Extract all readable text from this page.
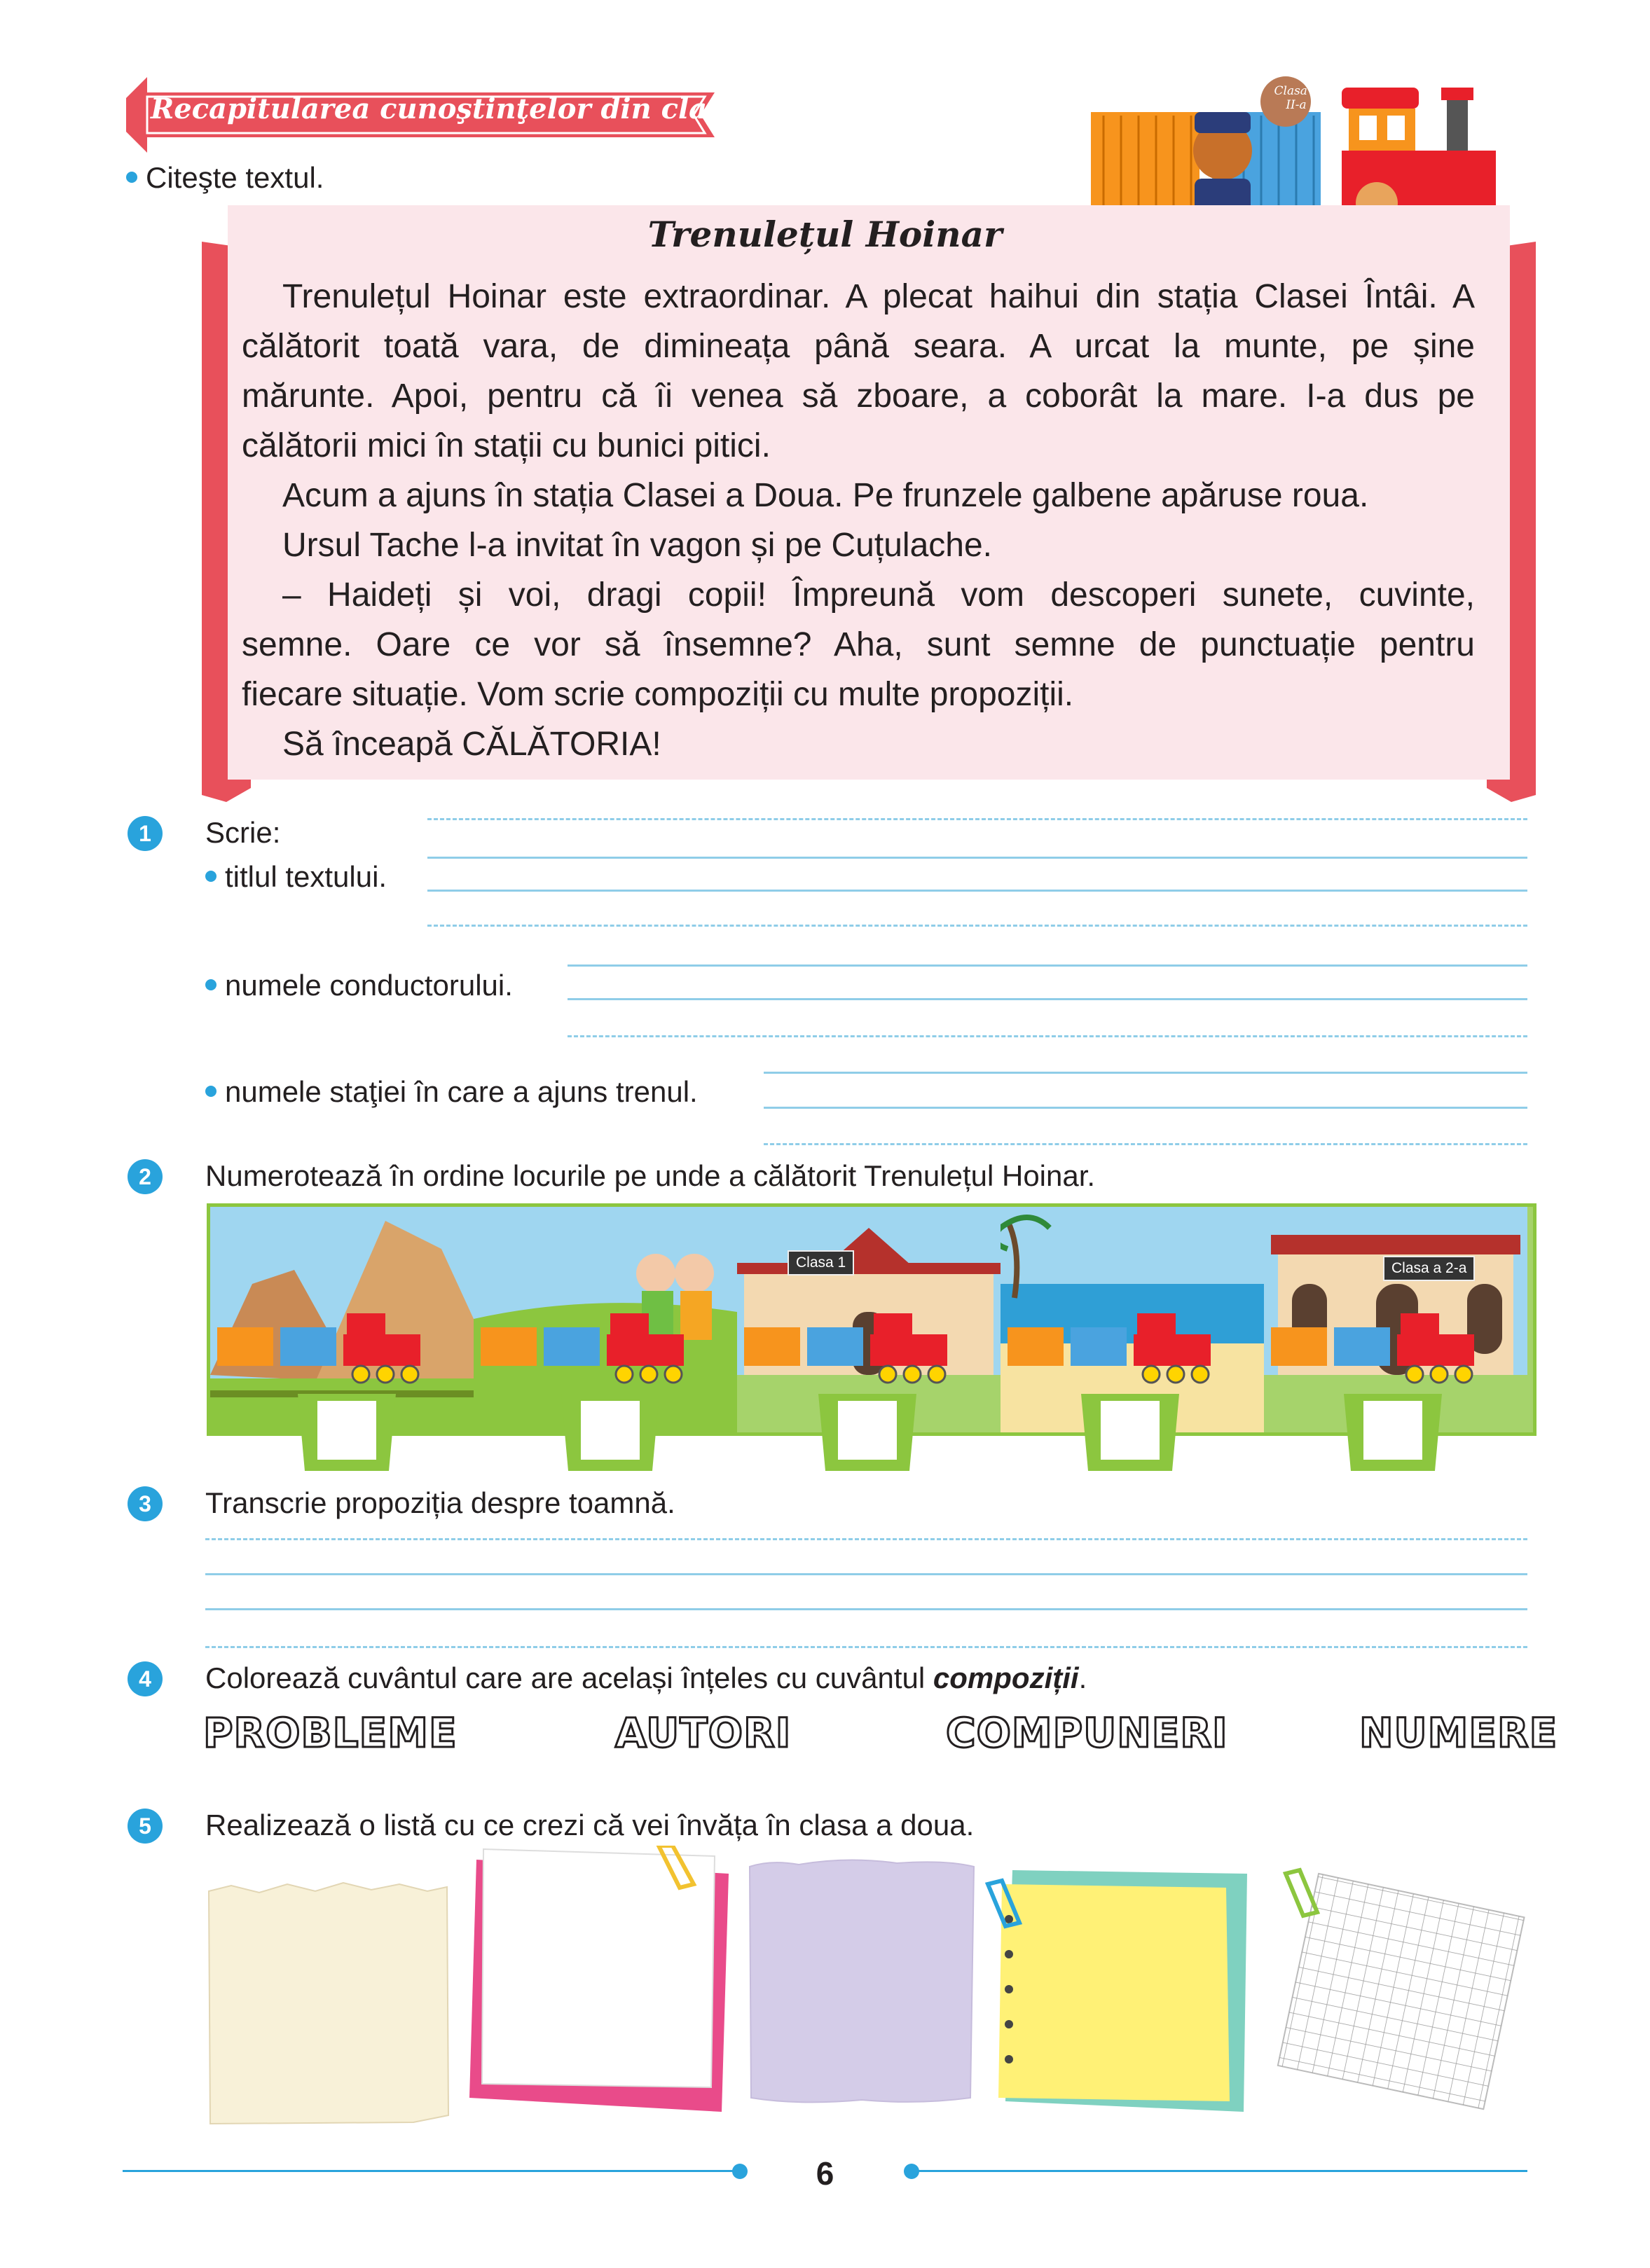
Recapitularea cunoştinţelor din clasa I
Clasa a II-a
Citeşte textul.
Trenulețul Hoinar
Trenulețul Hoinar este extraordinar. A plecat haihui din stația Clasei Întâi. A
călătorit toată vara, de dimineața până seara. A urcat la munte, pe șine
mărunte. Apoi, pentru că îi venea să zboare, a coborât la mare. I-a dus pe
călătorii mici în stații cu bunici pitici.
Acum a ajuns în stația Clasei a Doua. Pe frunzele galbene apăruse roua.
Ursul Tache l-a invitat în vagon și pe Cuțulache.
– Haideți și voi, dragi copii! Împreună vom descoperi sunete, cuvinte,
semne. Oare ce vor să însemne? Aha, sunt semne de punctuație pentru
fiecare situație. Vom scrie compoziții cu multe propoziții.
Să înceapă CĂLĂTORIA!
1	Scrie:
titlul textului.
numele conductorului.
numele staţiei în care a ajuns trenul.
2	Numerotează în ordine locurile pe unde a călătorit Trenulețul Hoinar.
Clasa 1	Clasa a 2-a
3	Transcrie propoziția despre toamnă.
4	Colorează cuvântul care are același înțeles cu cuvântul compoziții.
PROBLEME	AUTORI	COMPUNERI	NUMERE
5	Realizează o listă cu ce crezi că vei învăța în clasa a doua.
6
